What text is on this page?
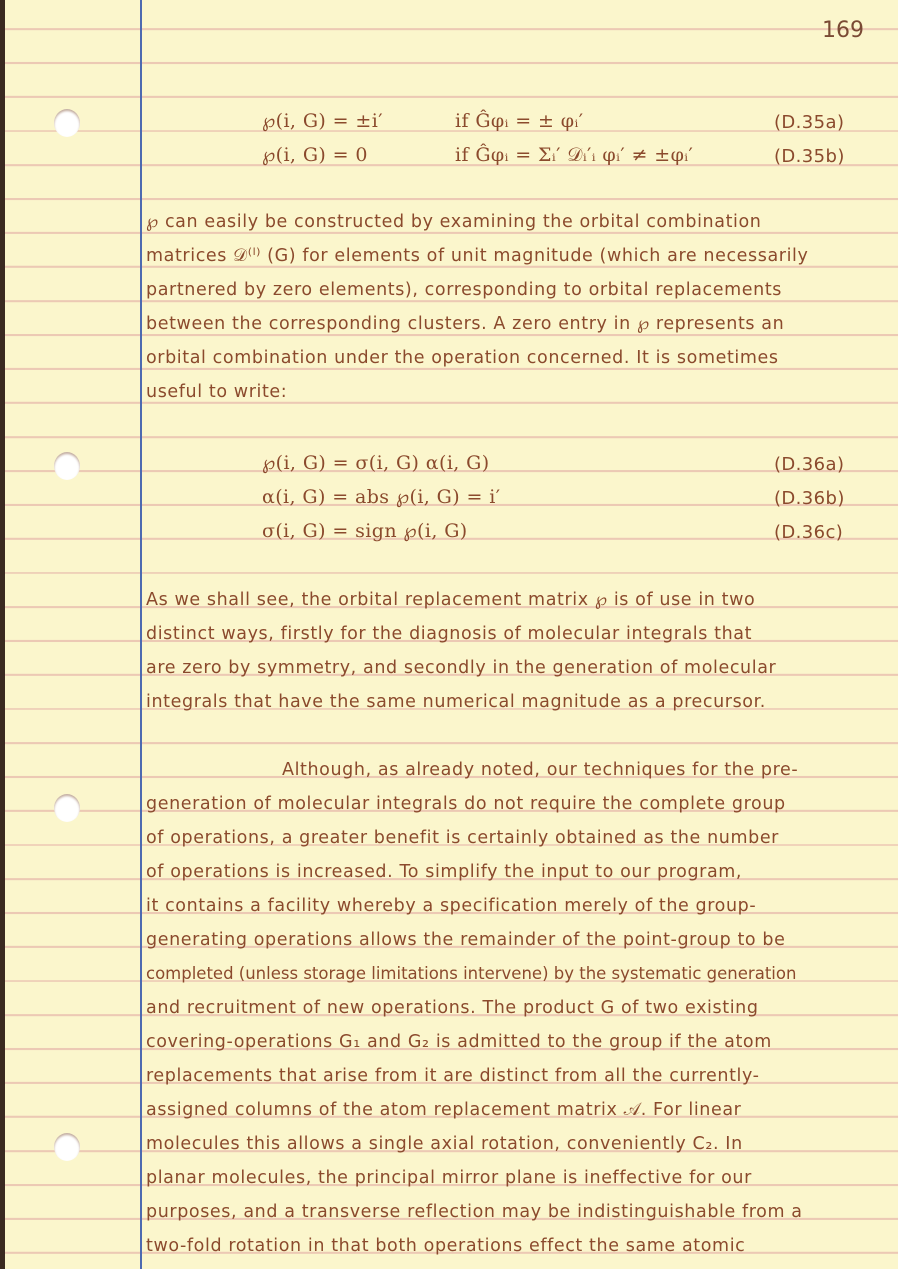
169
℘(i, G) = ±i′	if Ĝφᵢ = ± φᵢ′	(D.35a)
℘(i, G) = 0	if Ĝφᵢ = Σᵢ′ 𝒟ᵢ′ᵢ φᵢ′ ≠ ±φᵢ′	(D.35b)
℘ can easily be constructed by examining the orbital combination
matrices 𝒟⁽ˡ⁾ (G) for elements of unit magnitude (which are necessarily
partnered by zero elements), corresponding to orbital replacements
between the corresponding clusters. A zero entry in ℘ represents an
orbital combination under the operation concerned. It is sometimes
useful to write:
℘(i, G) = σ(i, G) α(i, G)	(D.36a)
α(i, G) = abs ℘(i, G) = i′	(D.36b)
σ(i, G) = sign ℘(i, G)	(D.36c)
As we shall see, the orbital replacement matrix ℘ is of use in two
distinct ways, firstly for the diagnosis of molecular integrals that
are zero by symmetry, and secondly in the generation of molecular
integrals that have the same numerical magnitude as a precursor.
Although, as already noted, our techniques for the pre-
generation of molecular integrals do not require the complete group
of operations, a greater benefit is certainly obtained as the number
of operations is increased. To simplify the input to our program,
it contains a facility whereby a specification merely of the group-
generating operations allows the remainder of the point-group to be
completed (unless storage limitations intervene) by the systematic generation
and recruitment of new operations. The product G of two existing
covering-operations G₁ and G₂ is admitted to the group if the atom
replacements that arise from it are distinct from all the currently-
assigned columns of the atom replacement matrix 𝒜. For linear
molecules this allows a single axial rotation, conveniently C₂. In
planar molecules, the principal mirror plane is ineffective for our
purposes, and a transverse reflection may be indistinguishable from a
two-fold rotation in that both operations effect the same atomic
